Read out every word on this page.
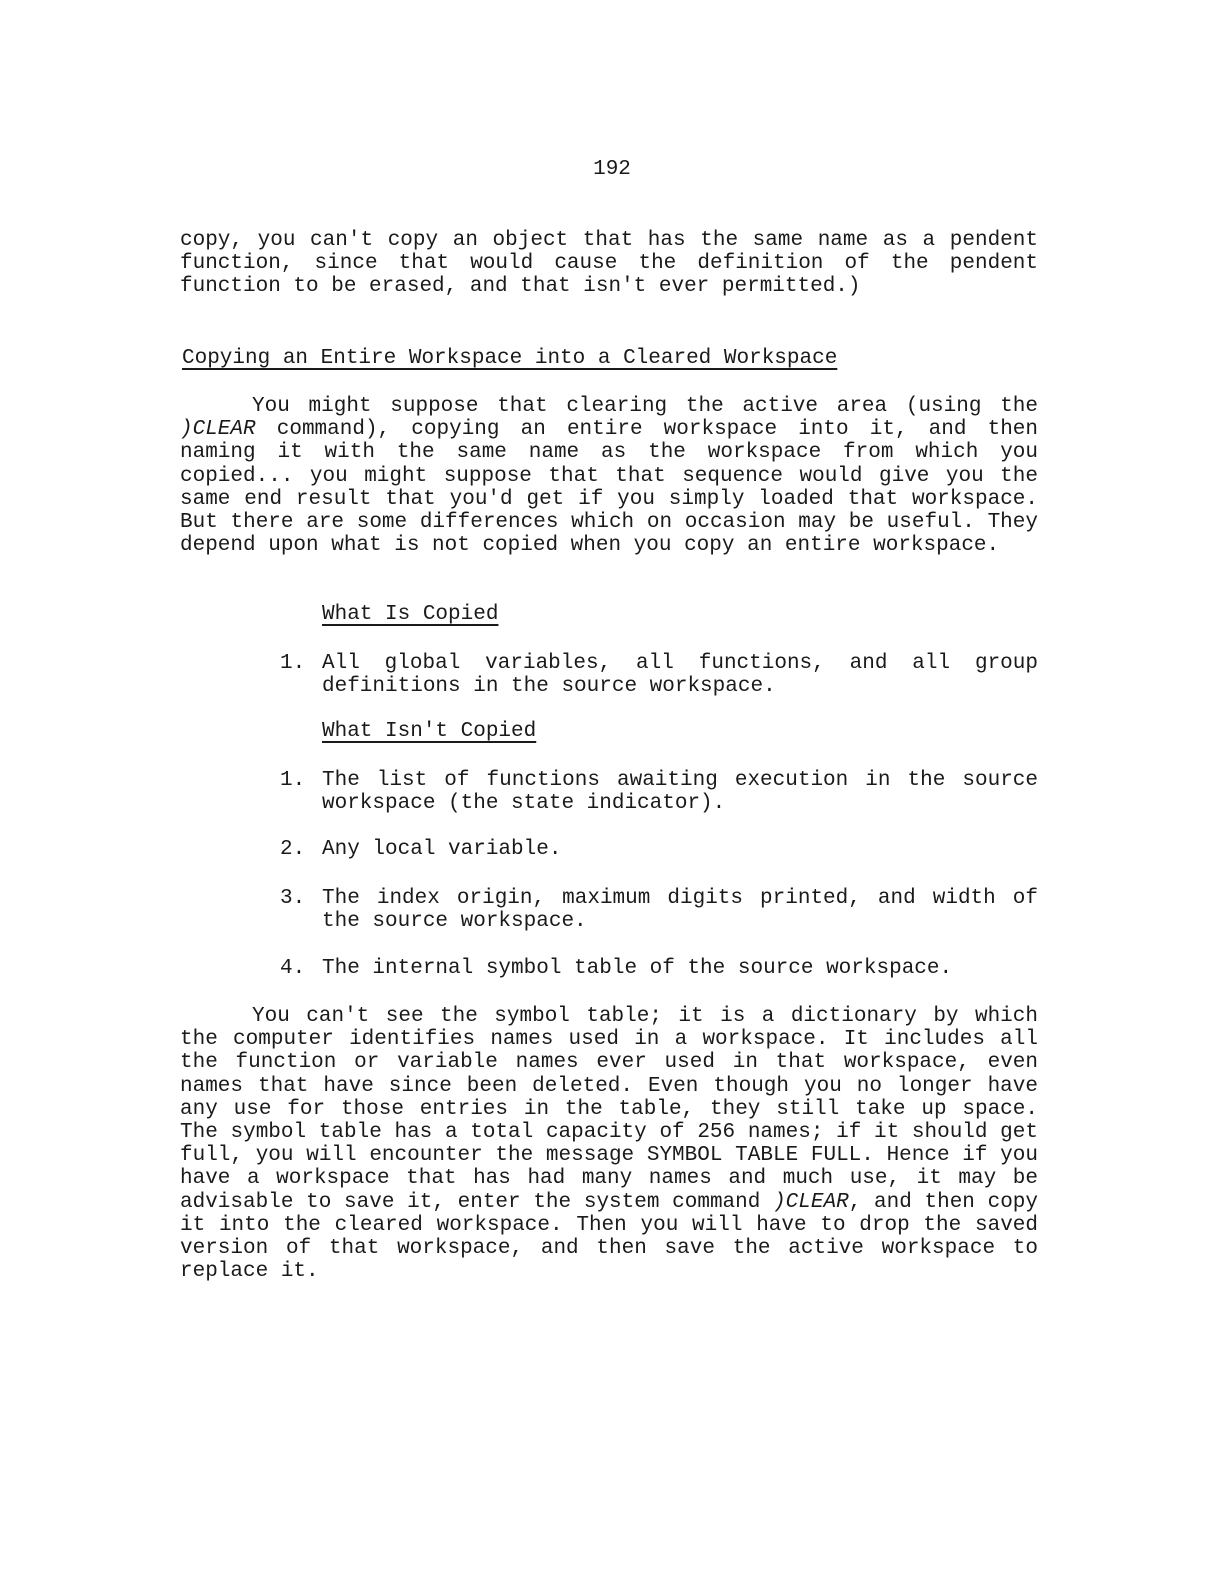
192
copy, you can't copy an object that has the same name as a pendent function, since that would cause the definition of the pendent function to be erased, and that isn't ever permitted.)
Copying an Entire Workspace into a Cleared Workspace
You might suppose that clearing the active area (using the )CLEAR command), copying an entire workspace into it, and then naming it with the same name as the workspace from which you copied... you might suppose that that sequence would give you the same end result that you'd get if you simply loaded that workspace. But there are some differences which on occasion may be useful. They depend upon what is not copied when you copy an entire workspace.
What Is Copied
1. All global variables, all functions, and all group definitions in the source workspace.
What Isn't Copied
1. The list of functions awaiting execution in the source workspace (the state indicator).
2. Any local variable.
3. The index origin, maximum digits printed, and width of the source workspace.
4. The internal symbol table of the source workspace.
You can't see the symbol table; it is a dictionary by which the computer identifies names used in a workspace. It includes all the function or variable names ever used in that workspace, even names that have since been deleted. Even though you no longer have any use for those entries in the table, they still take up space. The symbol table has a total capacity of 256 names; if it should get full, you will encounter the message SYMBOL TABLE FULL. Hence if you have a workspace that has had many names and much use, it may be advisable to save it, enter the system command )CLEAR, and then copy it into the cleared workspace. Then you will have to drop the saved version of that workspace, and then save the active workspace to replace it.
